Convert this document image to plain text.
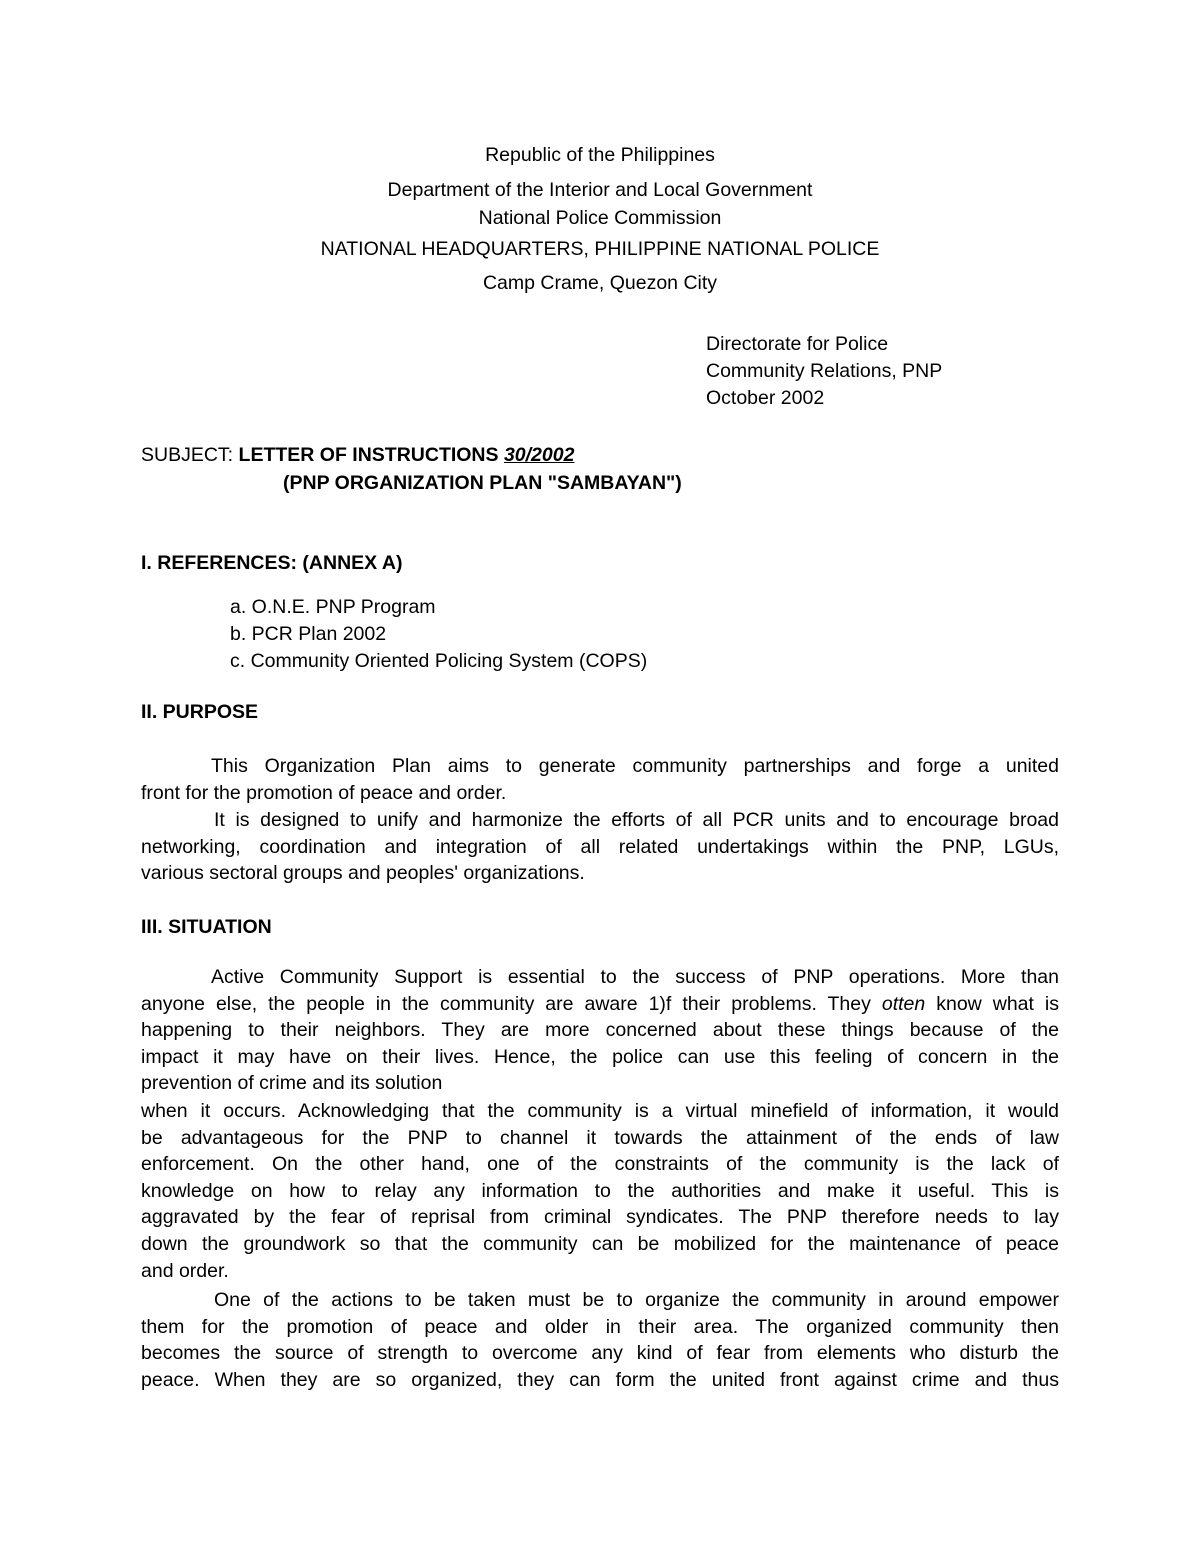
Republic of the Philippines
Department of the Interior and Local Government
National Police Commission
NATIONAL HEADQUARTERS, PHILIPPINE NATIONAL POLICE
Camp Crame, Quezon City
Directorate for Police
Community Relations, PNP
October 2002
SUBJECT: LETTER OF INSTRUCTIONS 30/2002
(PNP ORGANIZATION PLAN "SAMBAYAN")
I. REFERENCES: (ANNEX A)
a. O.N.E. PNP Program
b. PCR Plan 2002
c. Community Oriented Policing System (COPS)
II. PURPOSE
This Organization Plan aims to generate community partnerships and forge a united
front for the promotion of peace and order.
It is designed to unify and harmonize the efforts of all PCR units and to encourage broad
networking, coordination and integration of all related undertakings within the PNP, LGUs,
various sectoral groups and peoples' organizations.
III. SITUATION
Active Community Support is essential to the success of PNP operations. More than
anyone else, the people in the community are aware 1)f their problems. They otten know what is
happening to their neighbors. They are more concerned about these things because of the
impact it may have on their lives. Hence, the police can use this feeling of concern in the
prevention of crime and its solution
when it occurs. Acknowledging that the community is a virtual minefield of information, it would
be advantageous for the PNP to channel it towards the attainment of the ends of law
enforcement. On the other hand, one of the constraints of the community is the lack of
knowledge on how to relay any information to the authorities and make it useful. This is
aggravated by the fear of reprisal from criminal syndicates. The PNP therefore needs to lay
down the groundwork so that the community can be mobilized for the maintenance of peace
and order.
One of the actions to be taken must be to organize the community in around empower
them for the promotion of peace and older in their area. The organized community then
becomes the source of strength to overcome any kind of fear from elements who disturb the
peace. When they are so organized, they can form the united front against crime and thus
